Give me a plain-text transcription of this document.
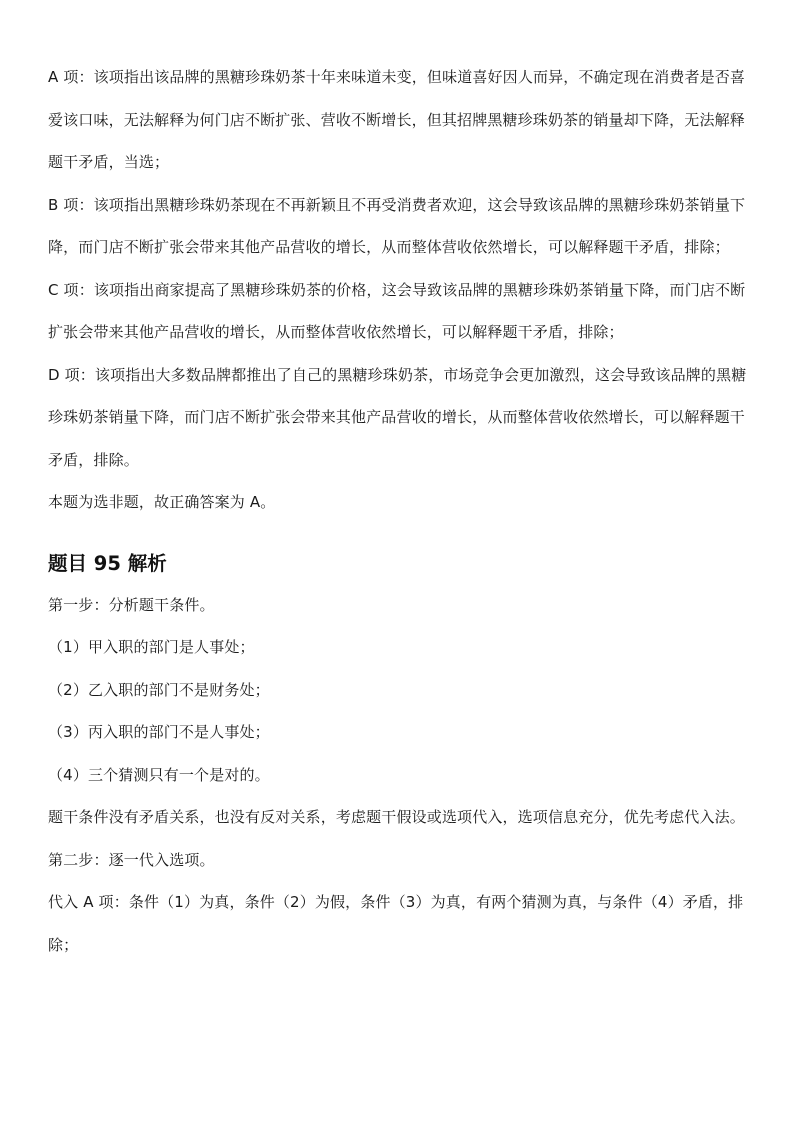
A 项：该项指出该品牌的黑糖珍珠奶茶十年来味道未变，但味道喜好因人而异，不确定现在消费者是否喜爱该口味，无法解释为何门店不断扩张、营收不断增长，但其招牌黑糖珍珠奶茶的销量却下降，无法解释题干矛盾，当选；

B 项：该项指出黑糖珍珠奶茶现在不再新颖且不再受消费者欢迎，这会导致该品牌的黑糖珍珠奶茶销量下降，而门店不断扩张会带来其他产品营收的增长，从而整体营收依然增长，可以解释题干矛盾，排除；

C 项：该项指出商家提高了黑糖珍珠奶茶的价格，这会导致该品牌的黑糖珍珠奶茶销量下降，而门店不断扩张会带来其他产品营收的增长，从而整体营收依然增长，可以解释题干矛盾，排除；

D 项：该项指出大多数品牌都推出了自己的黑糖珍珠奶茶，市场竞争会更加激烈，这会导致该品牌的黑糖珍珠奶茶销量下降，而门店不断扩张会带来其他产品营收的增长，从而整体营收依然增长，可以解释题干矛盾，排除。

本题为选非题，故正确答案为 A。

题目 95 解析

第一步：分析题干条件。

（1）甲入职的部门是人事处；

（2）乙入职的部门不是财务处；

（3）丙入职的部门不是人事处；

（4）三个猜测只有一个是对的。

题干条件没有矛盾关系，也没有反对关系，考虑题干假设或选项代入，选项信息充分，优先考虑代入法。

第二步：逐一代入选项。

代入 A 项：条件（1）为真，条件（2）为假，条件（3）为真，有两个猜测为真，与条件（4）矛盾，排除；
